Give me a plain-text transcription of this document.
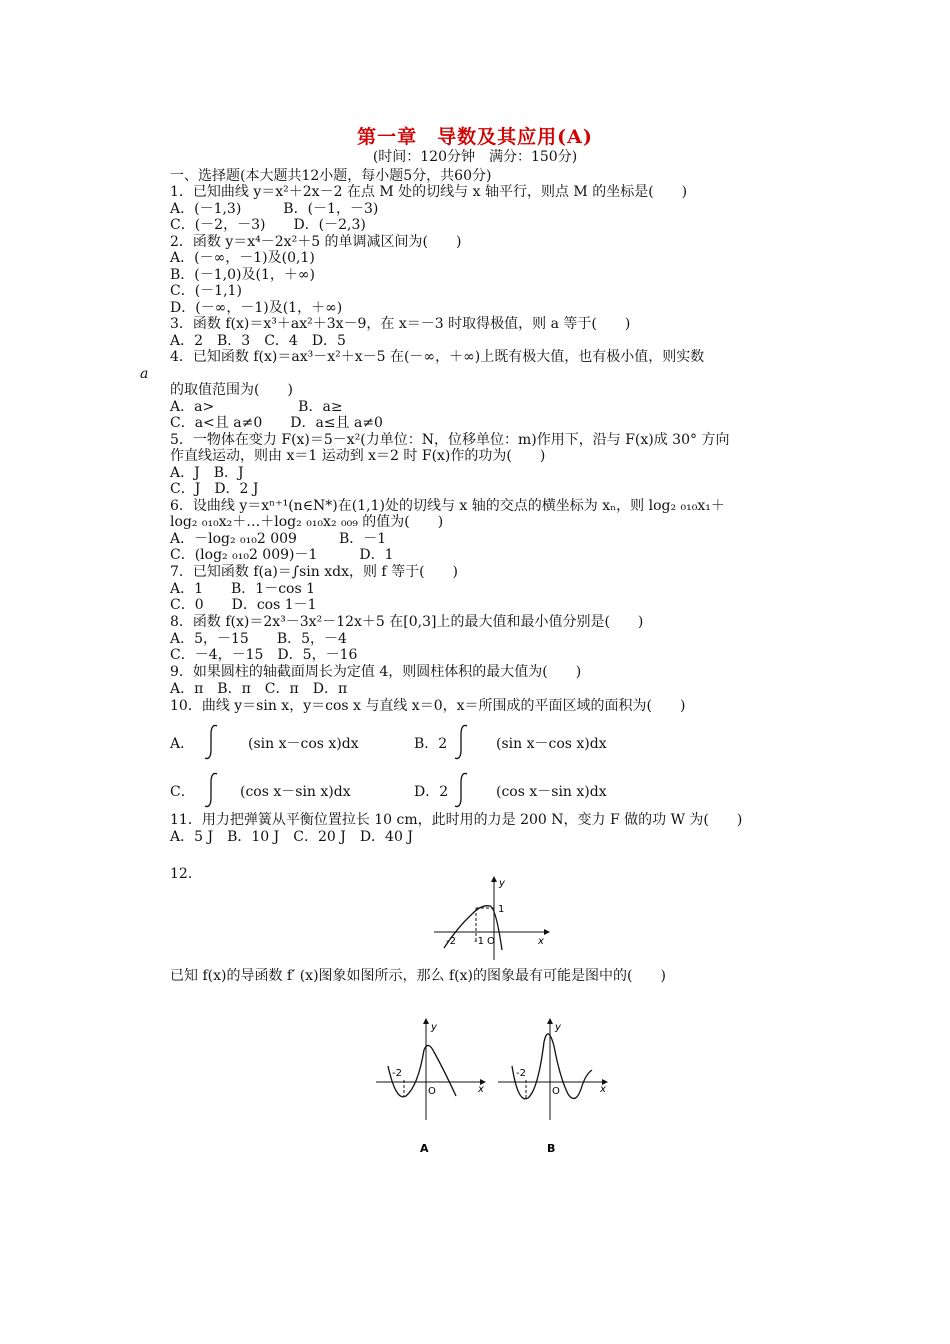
第一章　导数及其应用(A)
(时间：120分钟　满分：150分)
一、选择题(本大题共12小题，每小题5分，共60分)
1．已知曲线 y＝x²＋2x－2 在点 M 处的切线与 x 轴平行，则点 M 的坐标是(　　)
A．(－1,3)　　　B．(－1，－3)
C．(－2，－3)　　D．(－2,3)
2．函数 y＝x⁴－2x²＋5 的单调减区间为(　　)
A．(－∞，－1)及(0,1)
B．(－1,0)及(1，＋∞)
C．(－1,1)
D．(－∞，－1)及(1，＋∞)
3．函数 f(x)＝x³＋ax²＋3x－9，在 x＝－3 时取得极值，则 a 等于(　　)
A．2　B．3　C．4　D．5
4．已知函数 f(x)＝ax³－x²＋x－5 在(－∞，＋∞)上既有极大值，也有极小值，则实数
a
的取值范围为(　　)
A．a>　　　　　　B．a≥
C．a<且 a≠0　　D．a≤且 a≠0
5．一物体在变力 F(x)＝5－x²(力单位：N，位移单位：m)作用下，沿与 F(x)成 30° 方向
作直线运动，则由 x＝1 运动到 x＝2 时 F(x)作的功为(　　)
A．J　B．J
C．J　D．2 J
6．设曲线 y＝xⁿ⁺¹(n∈N*)在(1,1)处的切线与 x 轴的交点的横坐标为 xₙ，则 log₂ ₀₁₀x₁＋
log₂ ₀₁₀x₂＋…＋log₂ ₀₁₀x₂ ₀₀₉ 的值为(　　)
A．－log₂ ₀₁₀2 009　　　B．－1
C．(log₂ ₀₁₀2 009)－1　　　D．1
7．已知函数 f(a)＝∫sin xdx，则 f 等于(　　)
A．1　　B．1－cos 1
C．0　　D．cos 1－1
8．函数 f(x)＝2x³－3x²－12x＋5 在[0,3]上的最大值和最小值分别是(　　)
A．5，－15　　B．5，－4
C．－4，－15　D．5，－16
9．如果圆柱的轴截面周长为定值 4，则圆柱体积的最大值为(　　)
A．π　B．π　C．π　D．π
10．曲线 y＝sin x，y＝cos x 与直线 x＝0，x＝所围成的平面区域的面积为(　　)
A．	(sin x－cos x)dx	B．2	(sin x－cos x)dx
C．	(cos x－sin x)dx	D．2	(cos x－sin x)dx
11．用力把弹簧从平衡位置拉长 10 cm，此时用的力是 200 N，变力 F 做的功 W 为(　　)
A．5 J　B．10 J　C．20 J　D．40 J
12.
y
x
1
-2 -1 O
已知 f(x)的导函数 f′ (x)图象如图所示，那么 f(x)的图象最有可能是图中的(　　)
y
x
-2
O
A
y
x
-2
O
B
